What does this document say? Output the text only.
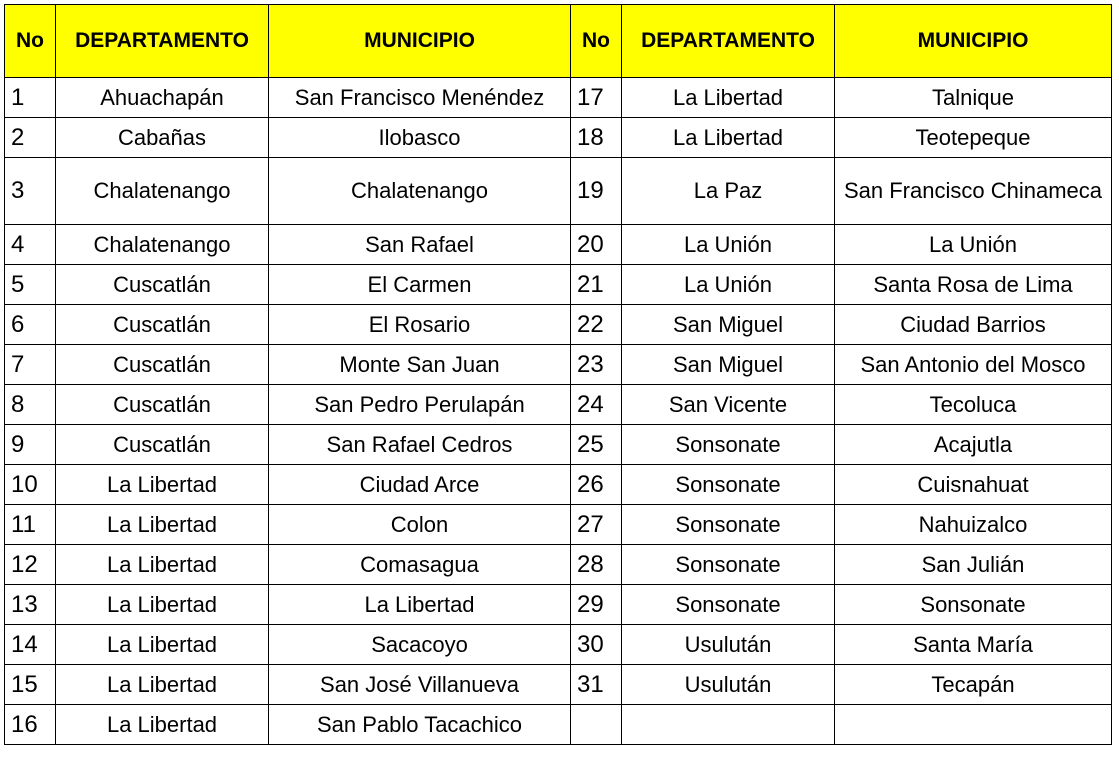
No	DEPARTAMENTO	MUNICIPIO	No	DEPARTAMENTO	MUNICIPIO
1	Ahuachapán	San Francisco Menéndez	17	La Libertad	Talnique
2	Cabañas	Ilobasco	18	La Libertad	Teotepeque
3	Chalatenango	Chalatenango	19	La Paz	San Francisco Chinameca
4	Chalatenango	San Rafael	20	La Unión	La Unión
5	Cuscatlán	El Carmen	21	La Unión	Santa Rosa de Lima
6	Cuscatlán	El Rosario	22	San Miguel	Ciudad Barrios
7	Cuscatlán	Monte San Juan	23	San Miguel	San Antonio del Mosco
8	Cuscatlán	San Pedro Perulapán	24	San Vicente	Tecoluca
9	Cuscatlán	San Rafael Cedros	25	Sonsonate	Acajutla
10	La Libertad	Ciudad Arce	26	Sonsonate	Cuisnahuat
11	La Libertad	Colon	27	Sonsonate	Nahuizalco
12	La Libertad	Comasagua	28	Sonsonate	San Julián
13	La Libertad	La Libertad	29	Sonsonate	Sonsonate
14	La Libertad	Sacacoyo	30	Usulután	Santa María
15	La Libertad	San José Villanueva	31	Usulután	Tecapán
16	La Libertad	San Pablo Tacachico			
